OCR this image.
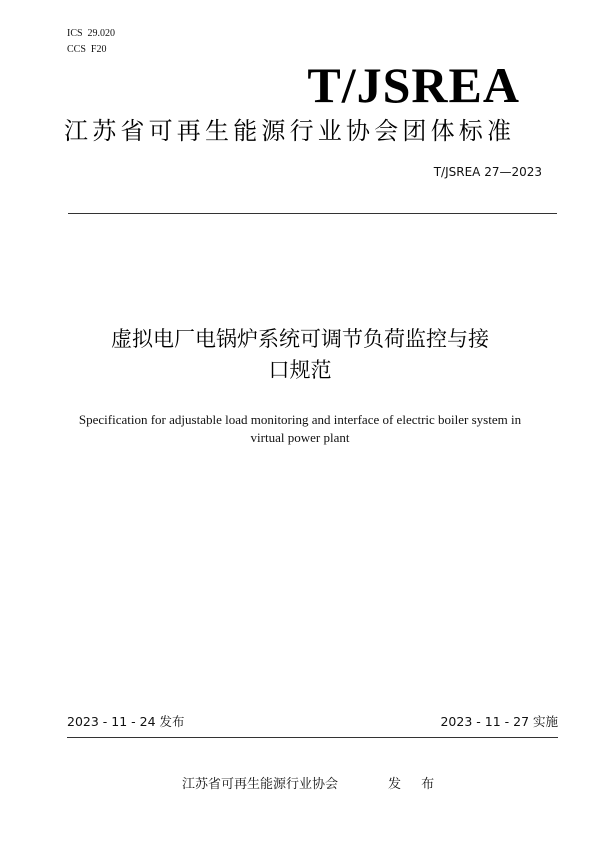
ICS  29.020
CCS  F20
T/JSREA
江苏省可再生能源行业协会团体标准
T/JSREA 27—2023
虚拟电厂电锅炉系统可调节负荷监控与接
口规范
Specification for adjustable load monitoring and interface of electric boiler system in
virtual power plant
2023 - 11 - 24 发布	2023 - 11 - 27 实施
江苏省可再生能源行业协会	发 布
